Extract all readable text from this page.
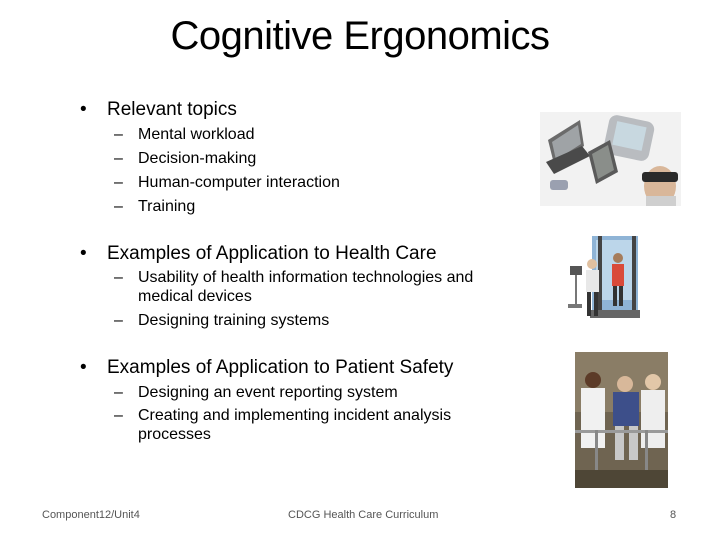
Cognitive Ergonomics
• Relevant topics
– Mental workload
– Decision-making
– Human-computer interaction
– Training
• Examples of Application to Health Care
– Usability of health information technologies and medical devices
– Designing training systems
• Examples of Application to Patient Safety
– Designing an event reporting system
– Creating and implementing incident analysis processes
Component12/Unit4	CDCG Health Care Curriculum	8
